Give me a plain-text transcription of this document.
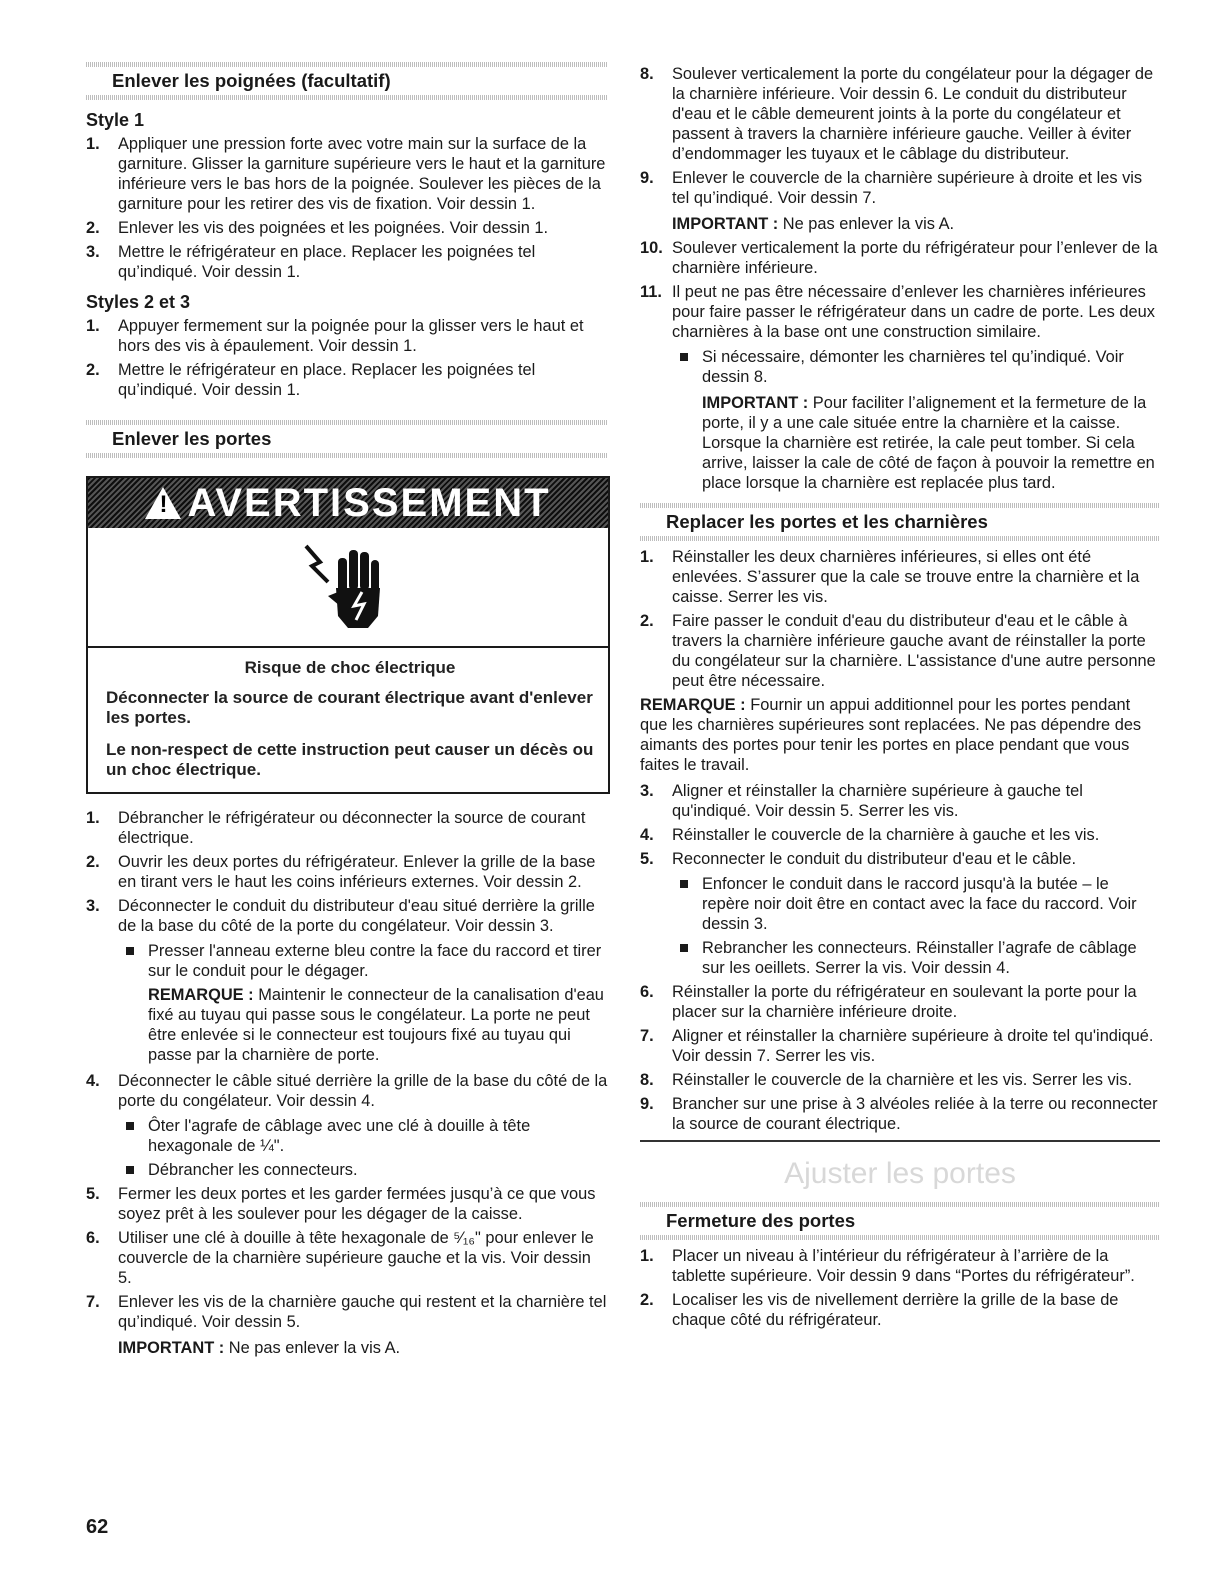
Enlever les poignées (facultatif)
Style 1
1. Appliquer une pression forte avec votre main sur la surface de la garniture. Glisser la garniture supérieure vers le haut et la garniture inférieure vers le bas hors de la poignée. Soulever les pièces de la garniture pour les retirer des vis de fixation. Voir dessin 1.
2. Enlever les vis des poignées et les poignées. Voir dessin 1.
3. Mettre le réfrigérateur en place. Replacer les poignées tel qu’indiqué. Voir dessin 1.
Styles 2 et 3
1. Appuyer fermement sur la poignée pour la glisser vers le haut et hors des vis à épaulement. Voir dessin 1.
2. Mettre le réfrigérateur en place. Replacer les poignées tel qu’indiqué. Voir dessin 1.
Enlever les portes
! AVERTISSEMENT
Risque de choc électrique
Déconnecter la source de courant électrique avant d'enlever les portes.
Le non-respect de cette instruction peut causer un décès ou un choc électrique.
1. Débrancher le réfrigérateur ou déconnecter la source de courant électrique.
2. Ouvrir les deux portes du réfrigérateur. Enlever la grille de la base en tirant vers le haut les coins inférieurs externes. Voir dessin 2.
3. Déconnecter le conduit du distributeur d'eau situé derrière la grille de la base du côté de la porte du congélateur. Voir dessin 3.
Presser l'anneau externe bleu contre la face du raccord et tirer sur le conduit pour le dégager.
REMARQUE : Maintenir le connecteur de la canalisation d'eau fixé au tuyau qui passe sous le congélateur. La porte ne peut être enlevée si le connecteur est toujours fixé au tuyau qui passe par la charnière de porte.
4. Déconnecter le câble situé derrière la grille de la base du côté de la porte du congélateur. Voir dessin 4.
Ôter l'agrafe de câblage avec une clé à douille à tête hexagonale de ¼".
Débrancher les connecteurs.
5. Fermer les deux portes et les garder fermées jusqu’à ce que vous soyez prêt à les soulever pour les dégager de la caisse.
6. Utiliser une clé à douille à tête hexagonale de ⁵⁄₁₆" pour enlever le couvercle de la charnière supérieure gauche et la vis. Voir dessin 5.
7. Enlever les vis de la charnière gauche qui restent et la charnière tel qu’indiqué. Voir dessin 5.
IMPORTANT : Ne pas enlever la vis A.
8. Soulever verticalement la porte du congélateur pour la dégager de la charnière inférieure. Voir dessin 6. Le conduit du distributeur d'eau et le câble demeurent joints à la porte du congélateur et passent à travers la charnière inférieure gauche. Veiller à éviter d’endommager les tuyaux et le câblage du distributeur.
9. Enlever le couvercle de la charnière supérieure à droite et les vis tel qu’indiqué. Voir dessin 7.
IMPORTANT : Ne pas enlever la vis A.
10. Soulever verticalement la porte du réfrigérateur pour l’enlever de la charnière inférieure.
11. Il peut ne pas être nécessaire d’enlever les charnières inférieures pour faire passer le réfrigérateur dans un cadre de porte. Les deux charnières à la base ont une construction similaire.
Si nécessaire, démonter les charnières tel qu’indiqué. Voir dessin 8.
IMPORTANT : Pour faciliter l’alignement et la fermeture de la porte, il y a une cale située entre la charnière et la caisse. Lorsque la charnière est retirée, la cale peut tomber. Si cela arrive, laisser la cale de côté de façon à pouvoir la remettre en place lorsque la charnière est replacée plus tard.
Replacer les portes et les charnières
1. Réinstaller les deux charnières inférieures, si elles ont été enlevées. S’assurer que la cale se trouve entre la charnière et la caisse. Serrer les vis.
2. Faire passer le conduit d'eau du distributeur d'eau et le câble à travers la charnière inférieure gauche avant de réinstaller la porte du congélateur sur la charnière. L'assistance d'une autre personne peut être nécessaire.

REMARQUE : Fournir un appui additionnel pour les portes pendant que les charnières supérieures sont replacées. Ne pas dépendre des aimants des portes pour tenir les portes en place pendant que vous faites le travail.

3. Aligner et réinstaller la charnière supérieure à gauche tel qu'indiqué. Voir dessin 5. Serrer les vis.
4. Réinstaller le couvercle de la charnière à gauche et les vis.
5. Reconnecter le conduit du distributeur d'eau et le câble.
Enfoncer le conduit dans le raccord jusqu'à la butée – le repère noir doit être en contact avec la face du raccord. Voir dessin 3.
Rebrancher les connecteurs. Réinstaller l’agrafe de câblage sur les oeillets. Serrer la vis. Voir dessin 4.
6. Réinstaller la porte du réfrigérateur en soulevant la porte pour la placer sur la charnière inférieure droite.
7. Aligner et réinstaller la charnière supérieure à droite tel qu'indiqué. Voir dessin 7. Serrer les vis.
8. Réinstaller le couvercle de la charnière et les vis. Serrer les vis.
9. Brancher sur une prise à 3 alvéoles reliée à la terre ou reconnecter la source de courant électrique.
Ajuster les portes
Fermeture des portes
1. Placer un niveau à l’intérieur du réfrigérateur à l’arrière de la tablette supérieure. Voir dessin 9 dans “Portes du réfrigérateur”.
2. Localiser les vis de nivellement derrière la grille de la base de chaque côté du réfrigérateur.
62
